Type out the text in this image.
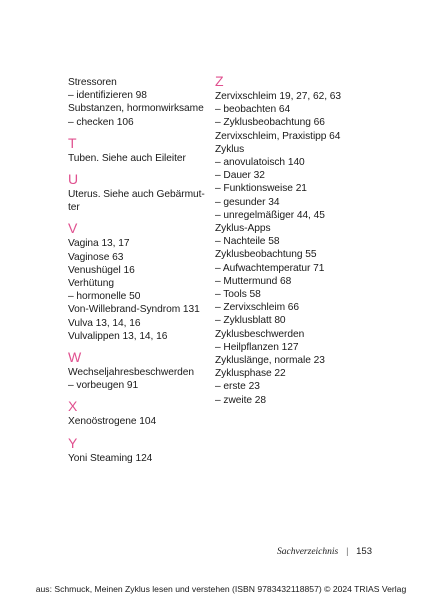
Stressoren
– identifizieren 98
Substanzen, hormonwirksame
– checken 106
T
Tuben. Siehe auch Eileiter
U
Uterus. Siehe auch Gebärmut-
ter
V
Vagina 13, 17
Vaginose 63
Venushügel 16
Verhütung
– hormonelle 50
Von-Willebrand-Syndrom 131
Vulva 13, 14, 16
Vulvalippen 13, 14, 16
W
Wechseljahresbeschwerden
– vorbeugen 91
X
Xenoöstrogene 104
Y
Yoni Steaming 124
Z
Zervixschleim 19, 27, 62, 63
– beobachten 64
– Zyklusbeobachtung 66
Zervixschleim, Praxistipp 64
Zyklus
– anovulatoisch 140
– Dauer 32
– Funktionsweise 21
– gesunder 34
– unregelmäßiger 44, 45
Zyklus-Apps
– Nachteile 58
Zyklusbeobachtung 55
– Aufwachtemperatur 71
– Muttermund 68
– Tools 58
– Zervixschleim 66
– Zyklusblatt 80
Zyklusbeschwerden
– Heilpflanzen 127
Zykluslänge, normale 23
Zyklusphase 22
– erste 23
– zweite 28
Sachverzeichnis | 153
aus: Schmuck, Meinen Zyklus lesen und verstehen (ISBN 9783432118857) © 2024 TRIAS Verlag
